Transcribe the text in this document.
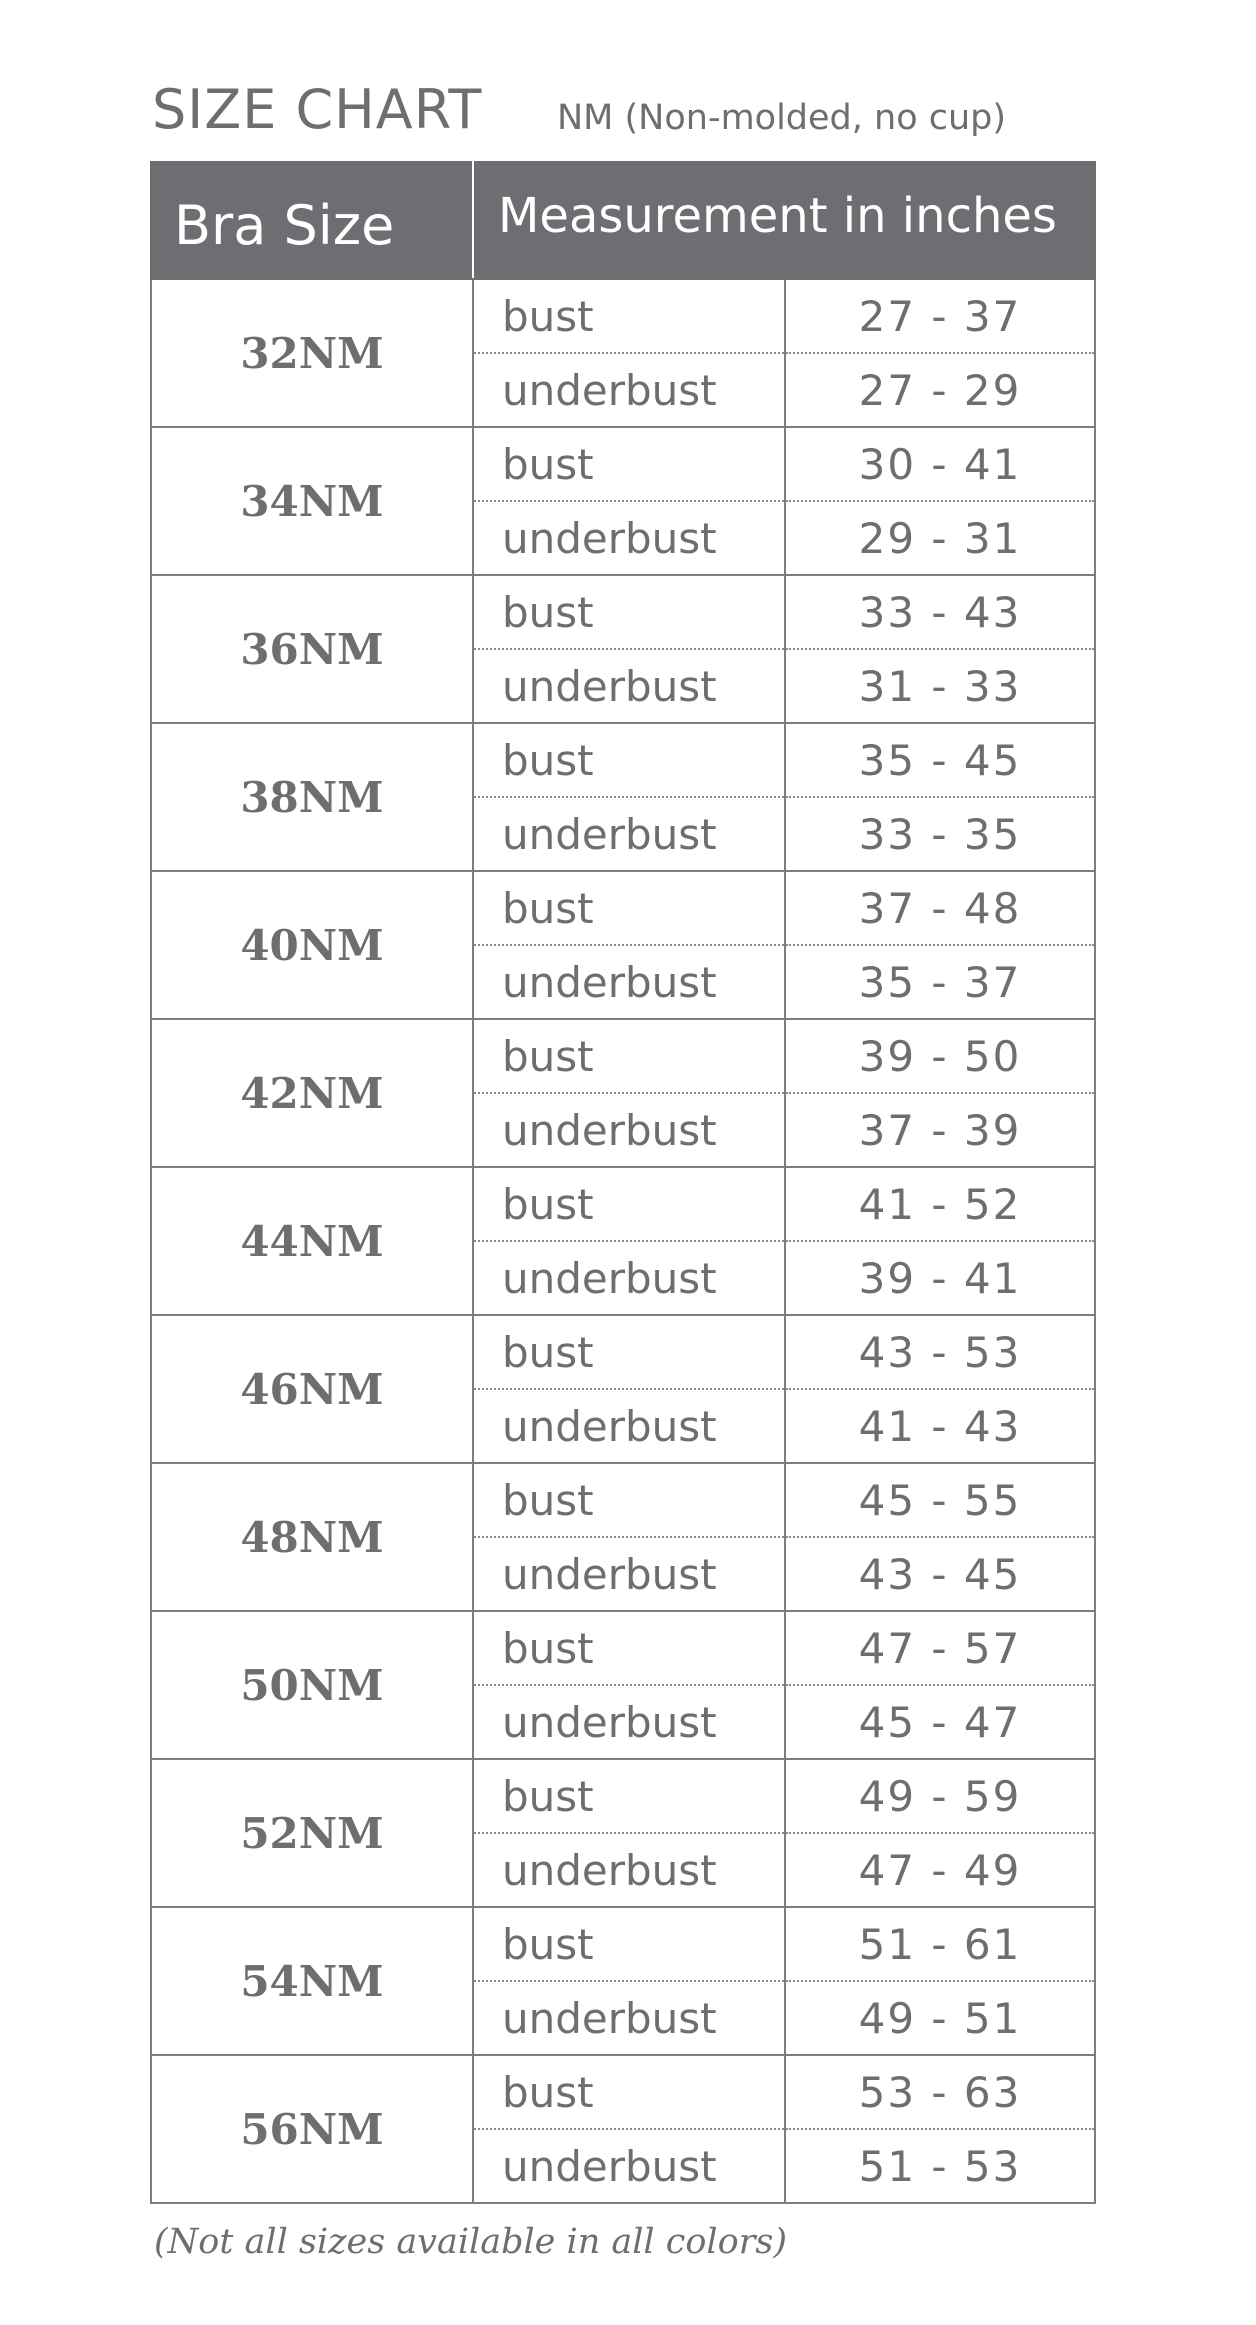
SIZE CHART NM (Non-molded, no cup)
Bra Size	Measurement in inches	
32NM	bust	27 - 37
	underbust	27 - 29
34NM	bust	30 - 41
	underbust	29 - 31
36NM	bust	33 - 43
	underbust	31 - 33
38NM	bust	35 - 45
	underbust	33 - 35
40NM	bust	37 - 48
	underbust	35 - 37
42NM	bust	39 - 50
	underbust	37 - 39
44NM	bust	41 - 52
	underbust	39 - 41
46NM	bust	43 - 53
	underbust	41 - 43
48NM	bust	45 - 55
	underbust	43 - 45
50NM	bust	47 - 57
	underbust	45 - 47
52NM	bust	49 - 59
	underbust	47 - 49
54NM	bust	51 - 61
	underbust	49 - 51
56NM	bust	53 - 63
	underbust	51 - 53
(Not all sizes available in all colors)
